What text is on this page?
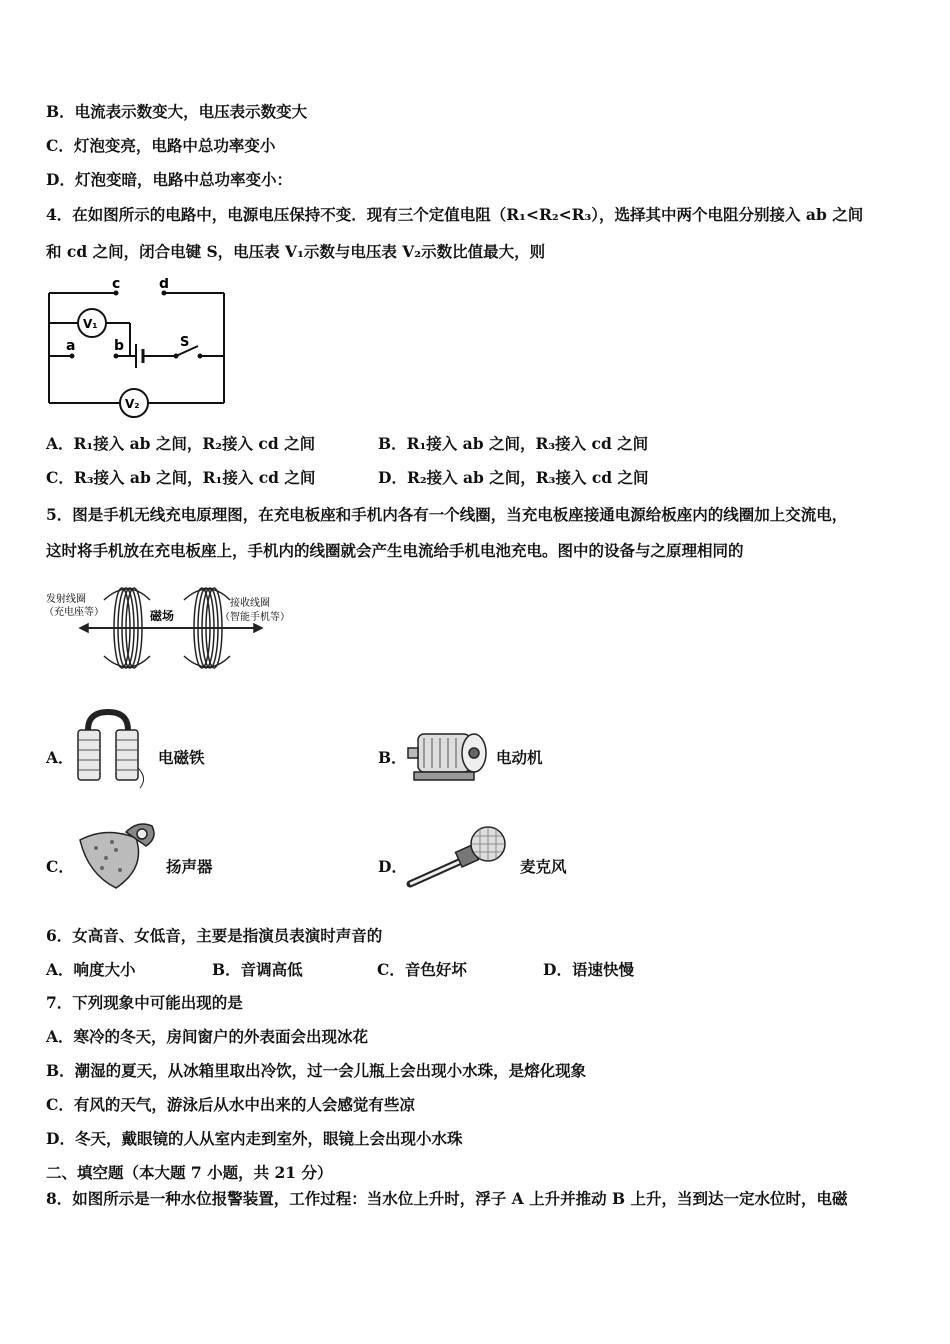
B．电流表示数变大，电压表示数变大
C．灯泡变亮，电路中总功率变小
D．灯泡变暗，电路中总功率变小：
4．在如图所示的电路中，电源电压保持不变．现有三个定值电阻（R₁<R₂<R₃），选择其中两个电阻分别接入 ab 之间
和 cd 之间，闭合电键 S，电压表 V₁示数与电压表 V₂示数比值最大，则
c	d
a	b	S
V₁
V₂
A．R₁接入 ab 之间，R₂接入 cd 之间	B．R₁接入 ab 之间，R₃接入 cd 之间
C．R₃接入 ab 之间，R₁接入 cd 之间	D．R₂接入 ab 之间，R₃接入 cd 之间
5．图是手机无线充电原理图，在充电板座和手机内各有一个线圈，当充电板座接通电源给板座内的线圈加上交流电，
这时将手机放在充电板座上，手机内的线圈就会产生电流给手机电池充电。图中的设备与之原理相同的
发射线圈
（充电座等）	磁场
接收线圈
（智能手机等）
A．	电磁铁	B．	电动机
C．	扬声器	D．	麦克风
6．女高音、女低音，主要是指演员表演时声音的
A．响度大小	B．音调高低	C．音色好坏	D．语速快慢
7．下列现象中可能出现的是
A．寒冷的冬天，房间窗户的外表面会出现冰花
B．潮湿的夏天，从冰箱里取出冷饮，过一会儿瓶上会出现小水珠，是熔化现象
C．有风的天气，游泳后从水中出来的人会感觉有些凉
D．冬天，戴眼镜的人从室内走到室外，眼镜上会出现小水珠
二、填空题（本大题 7 小题，共 21 分）
8．如图所示是一种水位报警装置，工作过程：当水位上升时，浮子 A 上升并推动 B 上升，当到达一定水位时，电磁
